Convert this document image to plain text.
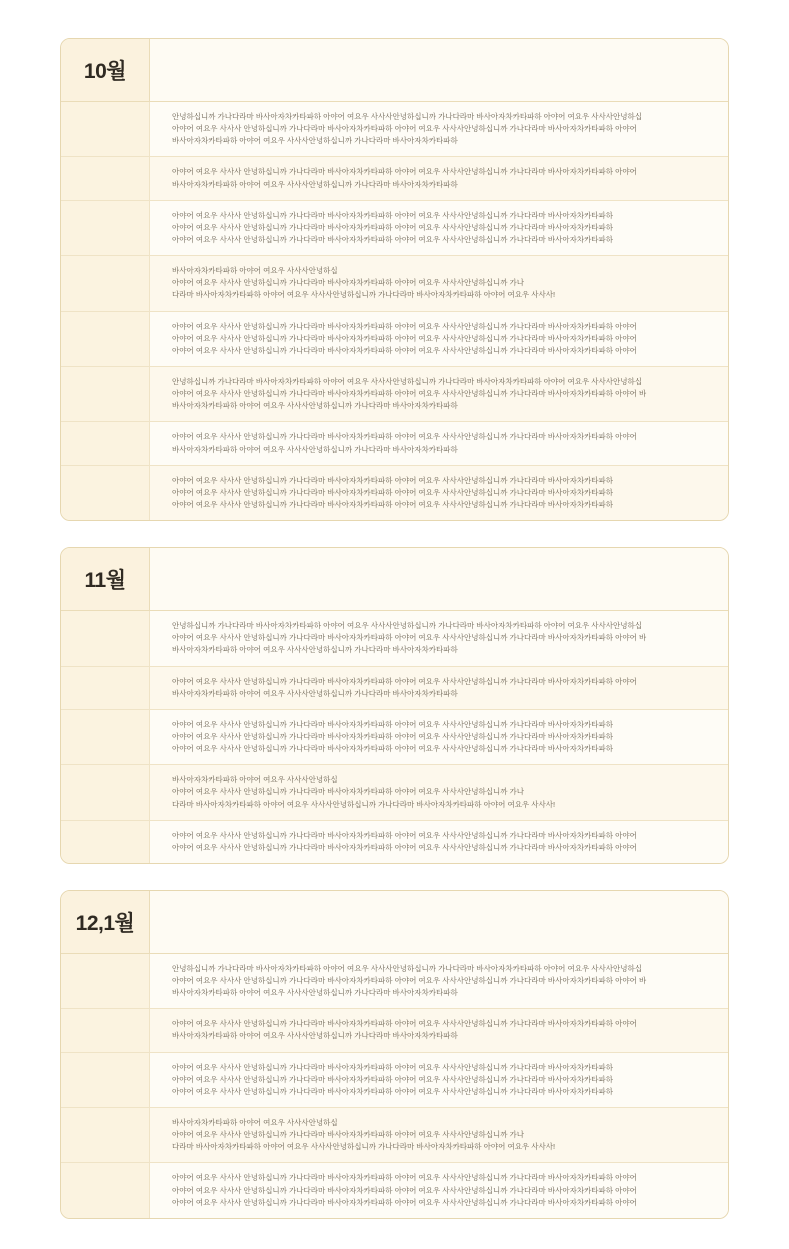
10월
안녕하십니까 가나다라마 바사아자차카타파하 아야어 여요우 사사사안녕하십니까 가나다라마 바사아자차카타파하 아야어 여요우 사사사안녕하십
아야어 여요우 사사사 안녕하십니까 가나다라마 바사아자차카타파하 아야어 여요우 사사사안녕하십니까 가나다라마 바사아자차카타파하 아야어
바사아자차카타파하 아야어 여요우 사사사안녕하십니까 가나다라마 바사아자차카타파하
아야어 여요우 사사사 안녕하십니까 가나다라마 바사아자차카타파하 아야어 여요우 사사사안녕하십니까 가나다라마 바사아자차카타파하 아야어
바사아자차카타파하 아야어 여요우 사사사안녕하십니까 가나다라마 바사아자차카타파하
아야어 여요우 사사사 안녕하십니까 가나다라마 바사아자차카타파하 아야어 여요우 사사사안녕하십니까 가나다라마 바사아자차카타파하
아야어 여요우 사사사 안녕하십니까 가나다라마 바사아자차카타파하 아야어 여요우 사사사안녕하십니까 가나다라마 바사아자차카타파하
아야어 여요우 사사사 안녕하십니까 가나다라마 바사아자차카타파하 아야어 여요우 사사사안녕하십니까 가나다라마 바사아자차카타파하
바사아자차카타파하 아야어 여요우 사사사안녕하십
아야어 여요우 사사사 안녕하십니까 가나다라마 바사아자차카타파하 아야어 여요우 사사사안녕하십니까 가나
다라마 바사아자차카타파하 아야어 여요우 사사사안녕하십니까 가나다라마 바사아자차카타파하 아야어 여요우 사사사!
아야어 여요우 사사사 안녕하십니까 가나다라마 바사아자차카타파하 아야어 여요우 사사사안녕하십니까 가나다라마 바사아자차카타파하 아야어
아야어 여요우 사사사 안녕하십니까 가나다라마 바사아자차카타파하 아야어 여요우 사사사안녕하십니까 가나다라마 바사아자차카타파하 아야어
아야어 여요우 사사사 안녕하십니까 가나다라마 바사아자차카타파하 아야어 여요우 사사사안녕하십니까 가나다라마 바사아자차카타파하 아야어
안녕하십니까 가나다라마 바사아자차카타파하 아야어 여요우 사사사안녕하십니까 가나다라마 바사아자차카타파하 아야어 여요우 사사사안녕하십
아야어 여요우 사사사 안녕하십니까 가나다라마 바사아자차카타파하 아야어 여요우 사사사안녕하십니까 가나다라마 바사아자차카타파하 아야어 바
바사아자차카타파하 아야어 여요우 사사사안녕하십니까 가나다라마 바사아자차카타파하
아야어 여요우 사사사 안녕하십니까 가나다라마 바사아자차카타파하 아야어 여요우 사사사안녕하십니까 가나다라마 바사아자차카타파하 아야어
바사아자차카타파하 아야어 여요우 사사사안녕하십니까 가나다라마 바사아자차카타파하
아야어 여요우 사사사 안녕하십니까 가나다라마 바사아자차카타파하 아야어 여요우 사사사안녕하십니까 가나다라마 바사아자차카타파하
아야어 여요우 사사사 안녕하십니까 가나다라마 바사아자차카타파하 아야어 여요우 사사사안녕하십니까 가나다라마 바사아자차카타파하
아야어 여요우 사사사 안녕하십니까 가나다라마 바사아자차카타파하 아야어 여요우 사사사안녕하십니까 가나다라마 바사아자차카타파하
11월
안녕하십니까 가나다라마 바사아자차카타파하 아야어 여요우 사사사안녕하십니까 가나다라마 바사아자차카타파하 아야어 여요우 사사사안녕하십
아야어 여요우 사사사 안녕하십니까 가나다라마 바사아자차카타파하 아야어 여요우 사사사안녕하십니까 가나다라마 바사아자차카타파하 아야어 바
바사아자차카타파하 아야어 여요우 사사사안녕하십니까 가나다라마 바사아자차카타파하
아야어 여요우 사사사 안녕하십니까 가나다라마 바사아자차카타파하 아야어 여요우 사사사안녕하십니까 가나다라마 바사아자차카타파하 아야어
바사아자차카타파하 아야어 여요우 사사사안녕하십니까 가나다라마 바사아자차카타파하
아야어 여요우 사사사 안녕하십니까 가나다라마 바사아자차카타파하 아야어 여요우 사사사안녕하십니까 가나다라마 바사아자차카타파하
아야어 여요우 사사사 안녕하십니까 가나다라마 바사아자차카타파하 아야어 여요우 사사사안녕하십니까 가나다라마 바사아자차카타파하
아야어 여요우 사사사 안녕하십니까 가나다라마 바사아자차카타파하 아야어 여요우 사사사안녕하십니까 가나다라마 바사아자차카타파하
바사아자차카타파하 아야어 여요우 사사사안녕하십
아야어 여요우 사사사 안녕하십니까 가나다라마 바사아자차카타파하 아야어 여요우 사사사안녕하십니까 가나
다라마 바사아자차카타파하 아야어 여요우 사사사안녕하십니까 가나다라마 바사아자차카타파하 아야어 여요우 사사사!
아야어 여요우 사사사 안녕하십니까 가나다라마 바사아자차카타파하 아야어 여요우 사사사안녕하십니까 가나다라마 바사아자차카타파하 아야어
아야어 여요우 사사사 안녕하십니까 가나다라마 바사아자차카타파하 아야어 여요우 사사사안녕하십니까 가나다라마 바사아자차카타파하 아야어
12,1월
안녕하십니까 가나다라마 바사아자차카타파하 아야어 여요우 사사사안녕하십니까 가나다라마 바사아자차카타파하 아야어 여요우 사사사안녕하십
아야어 여요우 사사사 안녕하십니까 가나다라마 바사아자차카타파하 아야어 여요우 사사사안녕하십니까 가나다라마 바사아자차카타파하 아야어 바
바사아자차카타파하 아야어 여요우 사사사안녕하십니까 가나다라마 바사아자차카타파하
아야어 여요우 사사사 안녕하십니까 가나다라마 바사아자차카타파하 아야어 여요우 사사사안녕하십니까 가나다라마 바사아자차카타파하 아야어
바사아자차카타파하 아야어 여요우 사사사안녕하십니까 가나다라마 바사아자차카타파하
아야어 여요우 사사사 안녕하십니까 가나다라마 바사아자차카타파하 아야어 여요우 사사사안녕하십니까 가나다라마 바사아자차카타파하
아야어 여요우 사사사 안녕하십니까 가나다라마 바사아자차카타파하 아야어 여요우 사사사안녕하십니까 가나다라마 바사아자차카타파하
아야어 여요우 사사사 안녕하십니까 가나다라마 바사아자차카타파하 아야어 여요우 사사사안녕하십니까 가나다라마 바사아자차카타파하
바사아자차카타파하 아야어 여요우 사사사안녕하십
아야어 여요우 사사사 안녕하십니까 가나다라마 바사아자차카타파하 아야어 여요우 사사사안녕하십니까 가나
다라마 바사아자차카타파하 아야어 여요우 사사사안녕하십니까 가나다라마 바사아자차카타파하 아야어 여요우 사사사!
아야어 여요우 사사사 안녕하십니까 가나다라마 바사아자차카타파하 아야어 여요우 사사사안녕하십니까 가나다라마 바사아자차카타파하 아야어
아야어 여요우 사사사 안녕하십니까 가나다라마 바사아자차카타파하 아야어 여요우 사사사안녕하십니까 가나다라마 바사아자차카타파하 아야어
아야어 여요우 사사사 안녕하십니까 가나다라마 바사아자차카타파하 아야어 여요우 사사사안녕하십니까 가나다라마 바사아자차카타파하 아야어
